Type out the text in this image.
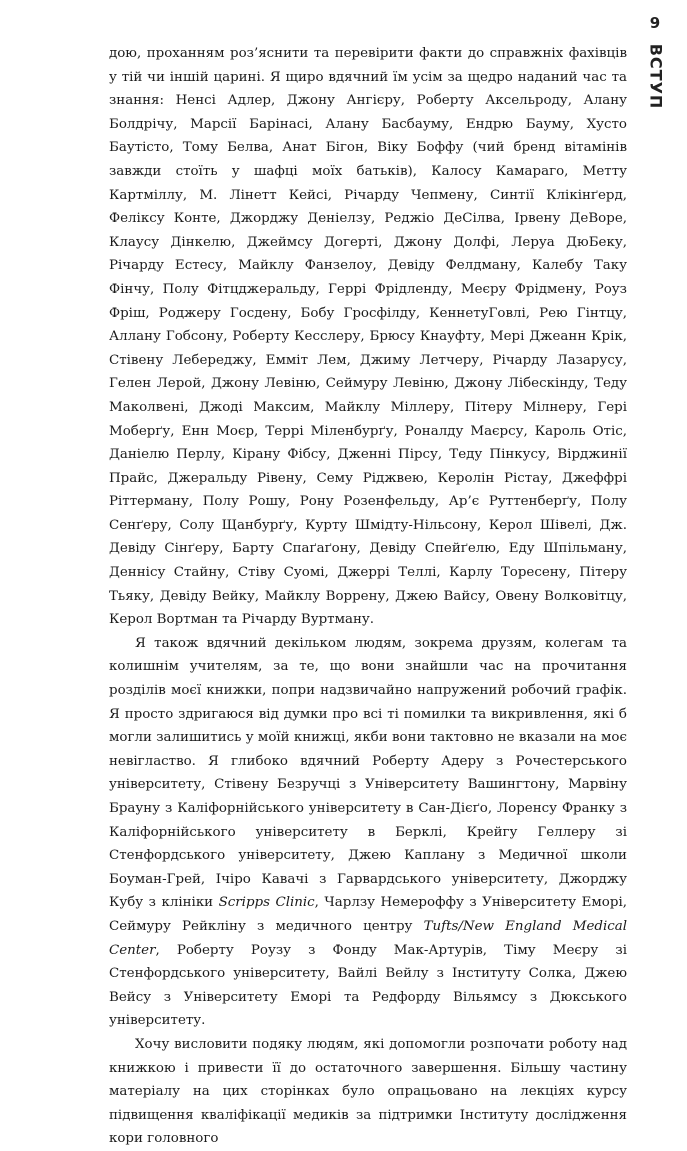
9
ВСТУП

дою, проханням роз’яснити та перевірити факти до справжніх фахівців у тій чи іншій царині. Я щиро вдячний їм усім за щедро наданий час та знання: Ненсі Адлер, Джону Ангієру, Роберту Аксельроду, Алану Болдрічу, Марсії Барінасі, Алану Басбауму, Ендрю Бауму, Хусто Баутісто, Тому Белва, Анат Бігон, Віку Боффу (чий бренд вітамінів завжди стоїть у шафці моїх батьків), Калосу Камараго, Метту Картміллу, М. Лінетт Кейсі, Річарду Чепмену, Синтії Клікінґерд, Феліксу Конте, Джорджу Деніелзу, Реджіо ДеСілва, Ірвену ДеВоре, Клаусу Дінкелю, Джеймсу Догерті, Джону Долфі, Леруа ДюБеку, Річарду Естесу, Майклу Фанзелоу, Девіду Фелдману, Калебу Таку Фінчу, Полу Фітцджеральду, Геррі Фрідленду, Меєру Фрідмену, Роуз Фріш, Роджеру Госдену, Бобу Гросфілду, КеннетуГовлі, Рею Гінтцу, Аллану Гобсону, Роберту Кесслеру, Брюсу Кнауфту, Мері Джеанн Крік, Стівену Лебереджу, Емміт Лем, Джиму Летчеру, Річарду Лазарусу, Гелен Лерой, Джону Левіню, Сеймуру Левіню, Джону Лібескінду, Теду Маколвені, Джоді Максим, Майклу Міллеру, Пітеру Мілнеру, Гері Моберґу, Енн Моєр, Террі Міленбурґу, Роналду Маєрсу, Кароль Отіс, Даніелю Перлу, Кірану Фібсу, Дженні Пірсу, Теду Пінкусу, Вірджинії Прайс, Джеральду Рівену, Сему Ріджвею, Керолін Рістау, Джеффрі Ріттерману, Полу Рошу, Рону Розенфельду, Ар’є Руттенберґу, Полу Сенґеру, Солу Щанбурґу, Курту Шмідту-Нільсону, Керол Шівелі, Дж. Девіду Сінґеру, Барту Спаґаґону, Девіду Спейґелю, Еду Шпільману, Деннісу Стайну, Стіву Суомі, Джеррі Теллі, Карлу Торесену, Пітеру Тьяку, Девіду Вейку, Майклу Воррену, Джею Вайсу, Овену Волковітцу, Керол Вортман та Річарду Вуртману.

Я також вдячний декільком людям, зокрема друзям, колегам та колишнім учителям, за те, що вони знайшли час на прочитання розділів моєї книжки, попри надзвичайно напружений робочий графік. Я просто здригаюся від думки про всі ті помилки та викривлення, які б могли залишитись у моїй книжці, якби вони тактовно не вказали на моє невігластво. Я глибоко вдячний Роберту Адеру з Рочестерського університету, Стівену Безручці з Університету Вашингтону, Марвіну Брауну з Каліфорнійського університету в Сан-Дієґо, Лоренсу Франку з Каліфорнійського університету в Берклі, Крейгу Геллеру зі Стенфордського університету, Джею Каплану з Медичної школи Боуман-Грей, Ічіро Кавачі з Гарвардського університету, Джорджу Кубу з клініки Scripps Clinic, Чарлзу Немероффу з Університету Еморі, Сеймуру Рейкліну з медичного центру Tufts/New England Medical Center, Роберту Роузу з Фонду Мак-Артурів, Тіму Меєру зі Стенфордського університету, Вайлі Вейлу з Інституту Солка, Джею Вейсу з Університету Еморі та Редфорду Вільямсу з Дюкського університету.

Хочу висловити подяку людям, які допомогли розпочати роботу над книжкою і привести її до остаточного завершення. Більшу частину матеріалу на цих сторінках було опрацьовано на лекціях курсу підвищення кваліфікації медиків за підтримки Інституту дослідження кори головного
